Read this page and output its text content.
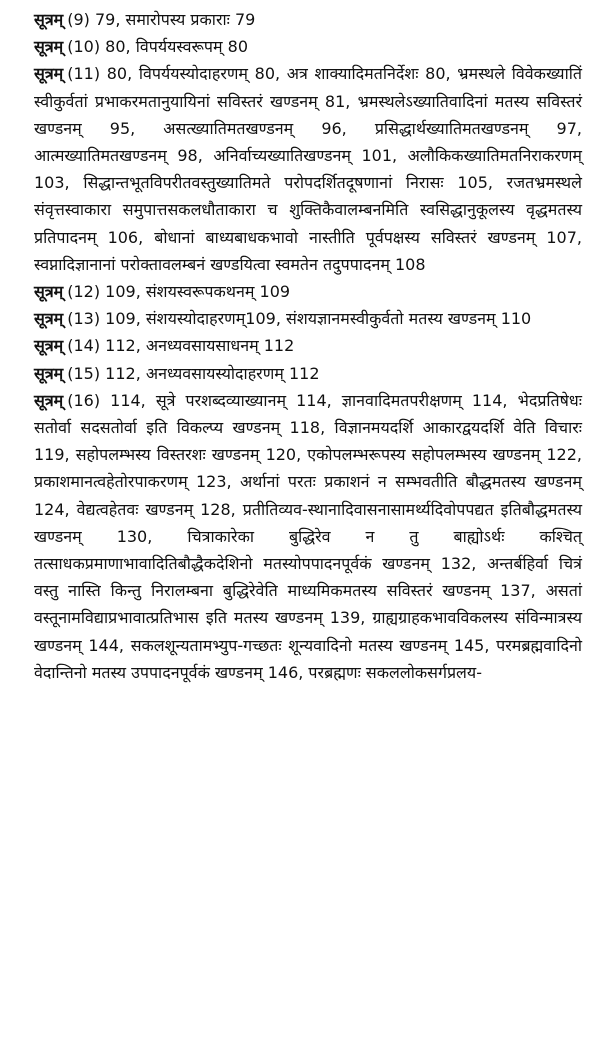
सूत्रम् (9) 79, समारोपस्य प्रकाराः 79

सूत्रम् (10) 80, विपर्ययस्वरूपम् 80

सूत्रम् (11) 80, विपर्ययस्योदाहरणम् 80, अत्र शाक्यादिमतनिर्देशः 80, भ्रमस्थले विवेकख्यातिं स्वीकुर्वतां प्रभाकरमतानुयायिनां सविस्तरं खण्डनम् 81, भ्रमस्थलेऽख्यातिवादिनां मतस्य सविस्तरं खण्डनम् 95, असत्ख्यातिमतखण्डनम् 96, प्रसिद्धार्थख्यातिमतखण्डनम् 97, आत्मख्यातिमतखण्डनम् 98, अनिर्वाच्यख्यातिखण्डनम् 101, अलौकिकख्यातिमतनिराकरणम् 103, सिद्धान्तभूतविपरीतवस्तुख्यातिमते परोपदर्शितदूषणानां निरासः 105, रजतभ्रमस्थले संवृत्तस्वाकारा समुपात्तसकलधौताकारा च शुक्तिकैवालम्बनमिति स्वसिद्धानुकूलस्य वृद्धमतस्य प्रतिपादनम् 106, बोधानां बाध्यबाधकभावो नास्तीति पूर्वपक्षस्य सविस्तरं खण्डनम् 107, स्वप्नादिज्ञानानां परोक्तावलम्बनं खण्डयित्वा स्वमतेन तदुपपादनम् 108

सूत्रम् (12) 109, संशयस्वरूपकथनम् 109

सूत्रम् (13) 109, संशयस्योदाहरणम्109, संशयज्ञानमस्वीकुर्वतो मतस्य खण्डनम् 110

सूत्रम् (14) 112, अनध्यवसायसाधनम् 112

सूत्रम् (15) 112, अनध्यवसायस्योदाहरणम् 112

सूत्रम् (16) 114, सूत्रे परशब्दव्याख्यानम् 114, ज्ञानवादिमतपरीक्षणम् 114, भेदप्रतिषेधः सतोर्वा सदसतोर्वा इति विकल्प्य खण्डनम् 118, विज्ञानमयदर्शि आकारद्वयदर्शि वेति विचारः 119, सहोपलम्भस्य विस्तरशः खण्डनम् 120, एकोपलम्भरूपस्य सहोपलम्भस्य खण्डनम् 122, प्रकाशमानत्वहेतोरपाकरणम् 123, अर्थानां परतः प्रकाशनं न सम्भवतीति बौद्धमतस्य खण्डनम् 124, वेद्यत्वहेतवः खण्डनम् 128, प्रतीतिव्यव-स्थानादिवासनासामर्थ्यदिवोपपद्यत इतिबौद्धमतस्य खण्डनम् 130, चित्राकारेका बुद्धिरेव न तु बाह्योऽर्थः कश्चित् तत्साधकप्रमाणाभावादितिबौद्धैकदेशिनो मतस्योपपादनपूर्वकं खण्डनम् 132, अन्तर्बहिर्वा चित्रं वस्तु नास्ति किन्तु निरालम्बना बुद्धिरेवेति माध्यमिकमतस्य सविस्तरं खण्डनम् 137, असतां वस्तूनामविद्याप्रभावात्प्रतिभास इति मतस्य खण्डनम् 139, ग्राह्यग्राहकभावविकलस्य संविन्मात्रस्य खण्डनम् 144, सकलशून्यतामभ्युप-गच्छतः शून्यवादिनो मतस्य खण्डनम् 145, परमब्रह्मवादिनो वेदान्तिनो मतस्य उपपादनपूर्वकं खण्डनम् 146, परब्रह्मणः सकललोकसर्गप्रलय-
